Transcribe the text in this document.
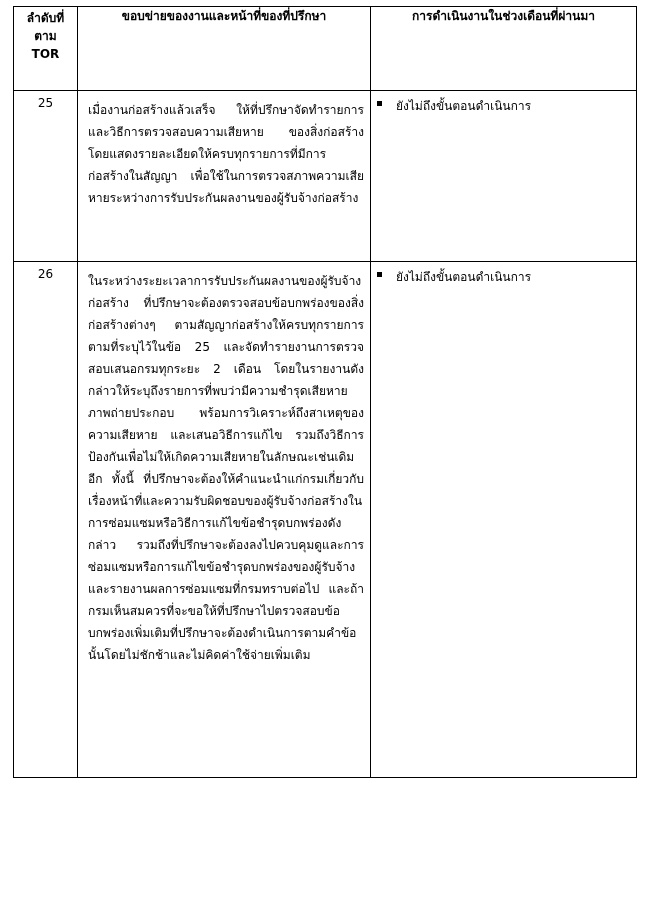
ลำดับที่
ตาม
TOR	ขอบข่ายของงานและหน้าที่ของที่ปรึกษา	การดำเนินงานในช่วงเดือนที่ผ่านมา
25	เมื่องานก่อสร้างแล้วเสร็จ ให้ที่ปรึกษาจัดทำรายการและวิธีการตรวจสอบความเสียหาย ของสิ่งก่อสร้าง โดยแสดงรายละเอียดให้ครบทุกรายการที่มีการก่อสร้างในสัญญา เพื่อใช้ในการตรวจสภาพความเสียหายระหว่างการรับประกันผลงานของผู้รับจ้างก่อสร้าง	ยังไม่ถึงขั้นตอนดำเนินการ

26	ในระหว่างระยะเวลาการรับประกันผลงานของผู้รับจ้างก่อสร้าง ที่ปรึกษาจะต้องตรวจสอบข้อบกพร่องของสิ่งก่อสร้างต่างๆ ตามสัญญาก่อสร้างให้ครบทุกรายการตามที่ระบุไว้ในข้อ 25 และจัดทำรายงานการตรวจสอบเสนอกรมทุกระยะ 2 เดือน โดยในรายงานดังกล่าวให้ระบุถึงรายการที่พบว่ามีความชำรุดเสียหาย ภาพถ่ายประกอบ พร้อมการวิเคราะห์ถึงสาเหตุของความเสียหาย และเสนอวิธีการแก้ไข รวมถึงวิธีการป้องกันเพื่อไม่ให้เกิดความเสียหายในลักษณะเช่นเดิมอีก ทั้งนี้ ที่ปรึกษาจะต้องให้คำแนะนำแก่กรมเกี่ยวกับเรื่องหน้าที่และความรับผิดชอบของผู้รับจ้างก่อสร้างในการซ่อมแซมหรือวิธีการแก้ไขข้อชำรุดบกพร่องดังกล่าว รวมถึงที่ปรึกษาจะต้องลงไปควบคุมดูและการซ่อมแซมหรือการแก้ไขข้อชำรุดบกพร่องของผู้รับจ้าง และรายงานผลการซ่อมแซมที่กรมทราบต่อไป และถ้ากรมเห็นสมควรที่จะขอให้ที่ปรึกษาไปตรวจสอบข้อบกพร่องเพิ่มเติมที่ปรึกษาจะต้องดำเนินการตามคำข้อนั้นโดยไม่ชักช้าและไม่คิดค่าใช้จ่ายเพิ่มเติม	ยังไม่ถึงขั้นตอนดำเนินการ
